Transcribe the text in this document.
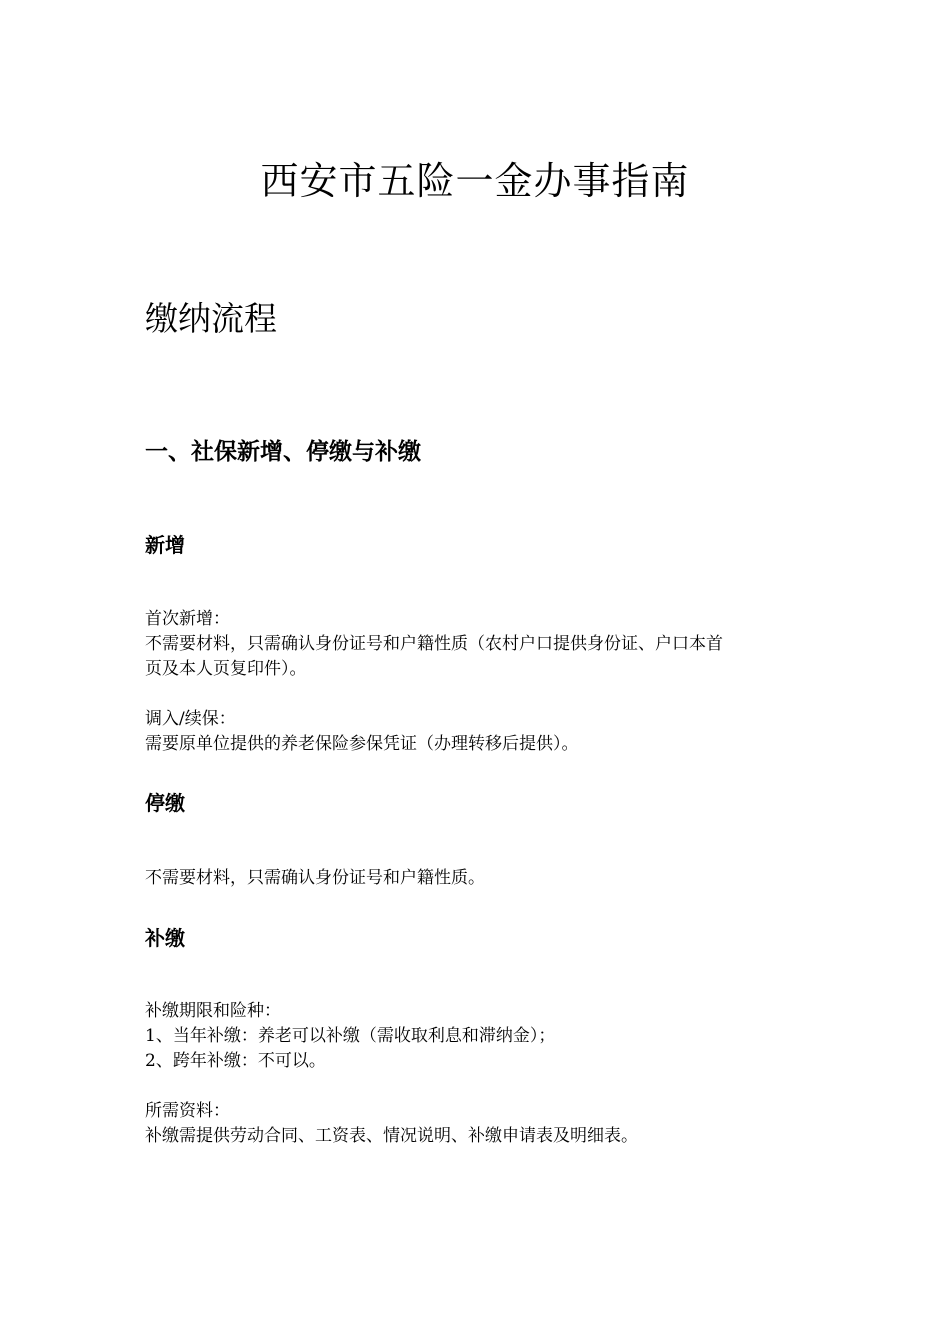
西安市五险一金办事指南
缴纳流程
一、社保新增、停缴与补缴
新增

首次新增：

不需要材料，只需确认身份证号和户籍性质（农村户口提供身份证、户口本首

页及本人页复印件）。

调入/续保：

需要原单位提供的养老保险参保凭证（办理转移后提供）。

停缴

不需要材料，只需确认身份证号和户籍性质。

补缴

补缴期限和险种：

1、当年补缴：养老可以补缴（需收取利息和滞纳金）；

2、跨年补缴：不可以。

所需资料：

补缴需提供劳动合同、工资表、情况说明、补缴申请表及明细表。
